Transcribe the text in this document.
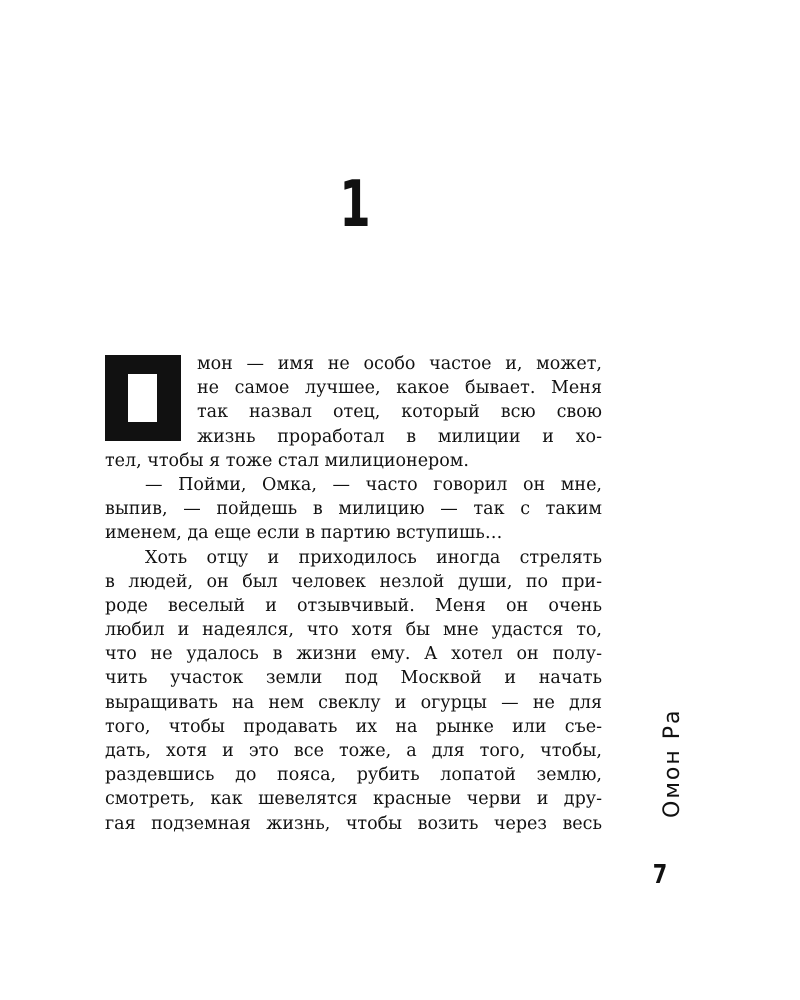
1
мон — имя не особо частое и, может,
не самое лучшее, какое бывает. Меня
так назвал отец, который всю свою
жизнь проработал в милиции и хо-
тел, чтобы я тоже стал милиционером.
— Пойми, Омка, — часто говорил он мне,
выпив, — пойдешь в милицию — так с таким
именем, да еще если в партию вступишь…
Хоть отцу и приходилось иногда стрелять
в людей, он был человек незлой души, по при-
роде веселый и отзывчивый. Меня он очень
любил и надеялся, что хотя бы мне удастся то,
что не удалось в жизни ему. А хотел он полу-
чить участок земли под Москвой и начать
выращивать на нем свеклу и огурцы — не для
того, чтобы продавать их на рынке или съе-
дать, хотя и это все тоже, а для того, чтобы,
раздевшись до пояса, рубить лопатой землю,
смотреть, как шевелятся красные черви и дру-
гая подземная жизнь, чтобы возить через весь
Омон Ра
7
